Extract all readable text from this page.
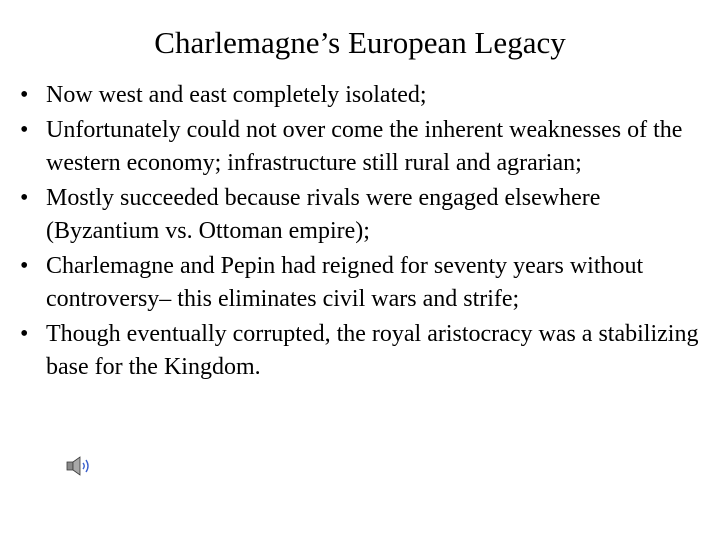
Charlemagne’s European Legacy
• Now west and east completely isolated;
• Unfortunately could not over come the inherent weaknesses of the western economy; infrastructure still rural and agrarian;
• Mostly succeeded because rivals were engaged elsewhere (Byzantium vs. Ottoman empire);
• Charlemagne and Pepin had reigned for seventy years without controversy– this eliminates civil wars and strife;
• Though eventually corrupted, the royal aristocracy was a stabilizing base for the Kingdom.
